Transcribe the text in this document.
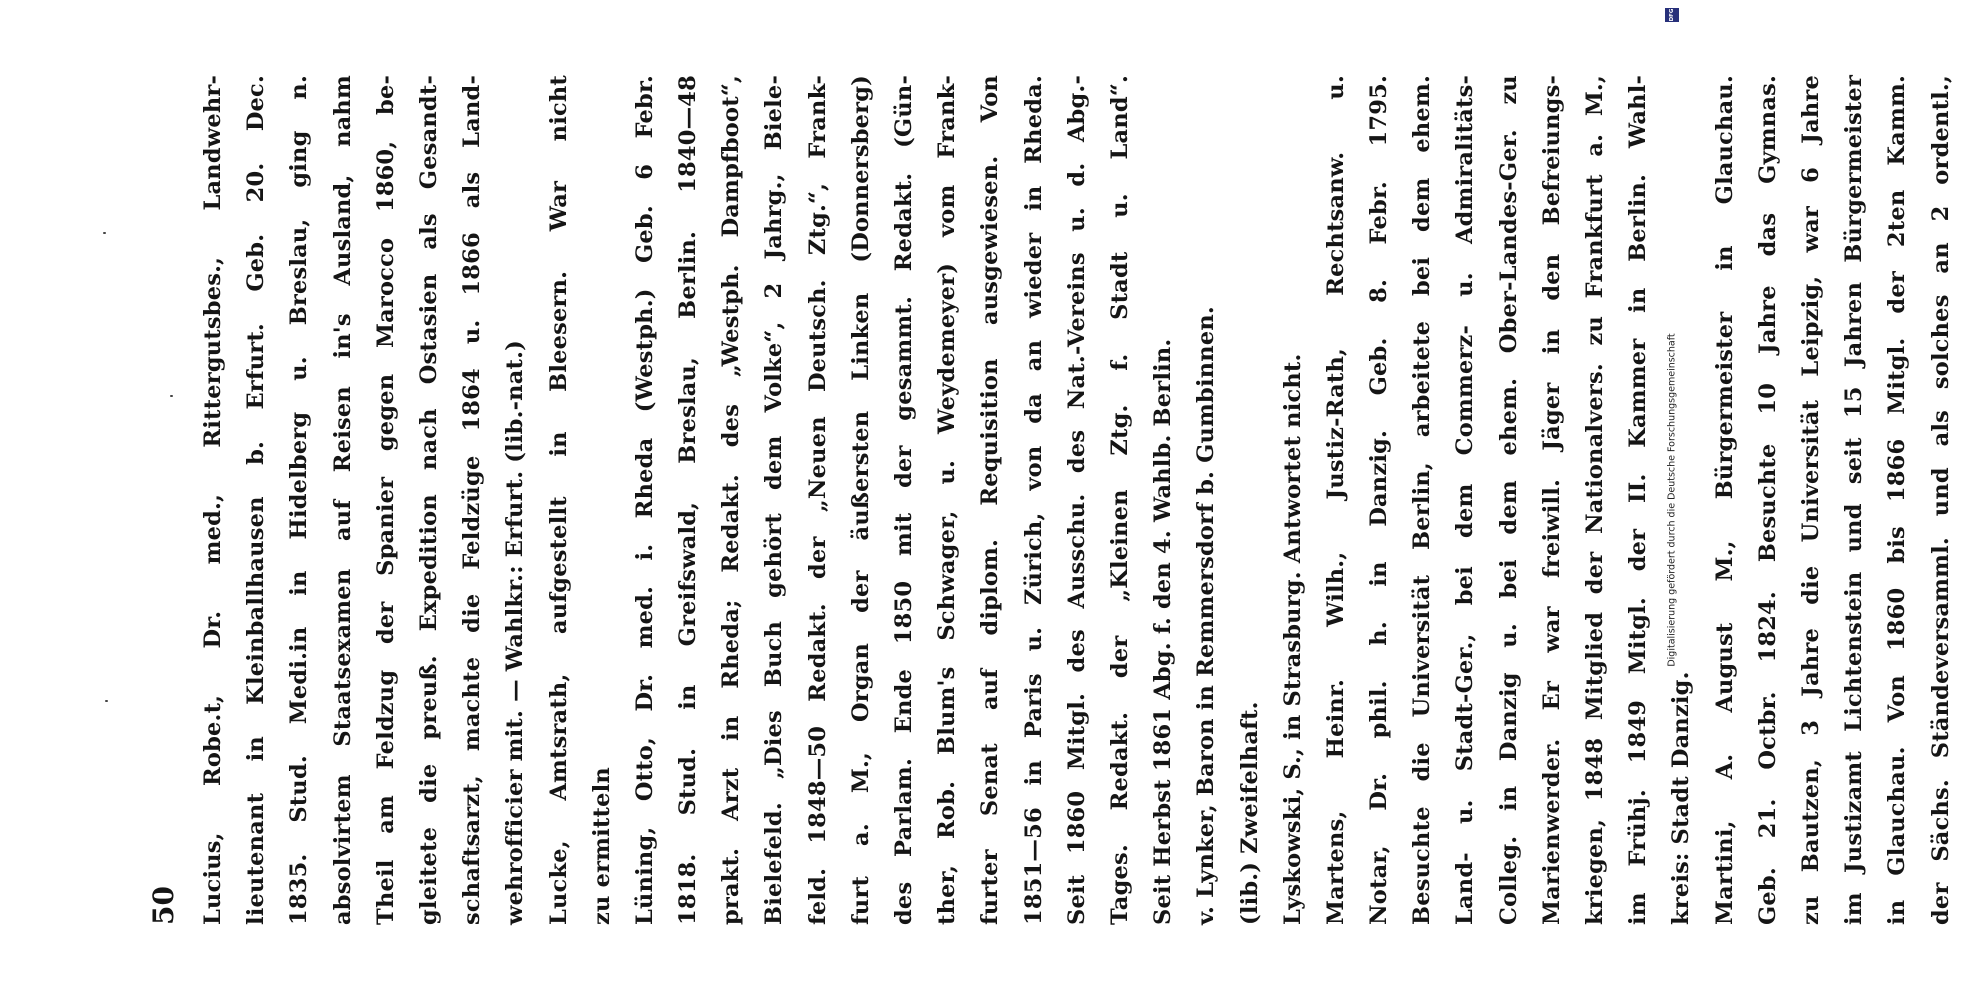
50 Lucius, Robe.t, Dr. med., Rittergutsbes., Landwehr- lieutenant in Kleinballhausen b. Erfurt. Geb. 20. Dec. 1835. Stud. Medi.in in Hidelberg u. Breslau, ging n. absolvirtem Staatsexamen auf Reisen in's Ausland, nahm Theil am Feldzug der Spanier gegen Marocco 1860, be- gleitete die preuß. Expedition nach Ostasien als Gesandt- schaftsarzt, machte die Feldzüge 1864 u. 1866 als Land- wehrofficier mit. — Wahlkr.: Erfurt. (lib.-nat.) Lucke, Amtsrath, aufgestellt in Bleesern. War nicht zu ermitteln Lüning, Otto, Dr. med. i. Rheda (Westph.) Geb. 6 Febr. 1818. Stud. in Greifswald, Breslau, Berlin. 1840—48 prakt. Arzt in Rheda; Redakt. des „Westph. Dampfboot“, Bielefeld. „Dies Buch gehört dem Volke“, 2 Jahrg., Biele- feld. 1848—50 Redakt. der „Neuen Deutsch. Ztg.“, Frank- furt a. M., Organ der äußersten Linken (Donnersberg) des Parlam. Ende 1850 mit der gesammt. Redakt. (Gün- ther, Rob. Blum's Schwager, u. Weydemeyer) vom Frank- furter Senat auf diplom. Requisition ausgewiesen. Von 1851—56 in Paris u. Zürich, von da an wieder in Rheda. Seit 1860 Mitgl. des Ausschu. des Nat.-Vereins u. d. Abg.- Tages. Redakt. der „Kleinen Ztg. f. Stadt u. Land“. Seit Herbst 1861 Abg. f. den 4. Wahlb. Berlin. v. Lynker, Baron in Remmersdorf b. Gumbinnen. (lib.) Zweifelhaft. Lyskowski, S., in Strasburg. Antwortet nicht. Martens, Heinr. Wilh., Justiz-Rath, Rechtsanw. u. Notar, Dr. phil. h. in Danzig. Geb. 8. Febr. 1795. Besuchte die Universität Berlin, arbeitete bei dem ehem. Land- u. Stadt-Ger., bei dem Commerz- u. Admiralitäts- Colleg. in Danzig u. bei dem ehem. Ober-Landes-Ger. zu Marienwerder. Er war freiwill. Jäger in den Befreiungs- kriegen, 1848 Mitglied der Nationalvers. zu Frankfurt a. M., im Frühj. 1849 Mitgl. der II. Kammer in Berlin. Wahl- kreis: Stadt Danzig. Martini, A. August M., Bürgermeister in Glauchau. Geb. 21. Octbr. 1824. Besuchte 10 Jahre das Gymnas. zu Bautzen, 3 Jahre die Universität Leipzig, war 6 Jahre im Justizamt Lichtenstein und seit 15 Jahren Bürgermeister in Glauchau. Von 1860 bis 1866 Mitgl. der 2ten Kamm. der Sächs. Ständeversamml. und als solches an 2 ordentl.,
Digitalisierung gefördert durch die Deutsche Forschungsgemeinschaft
DFG
